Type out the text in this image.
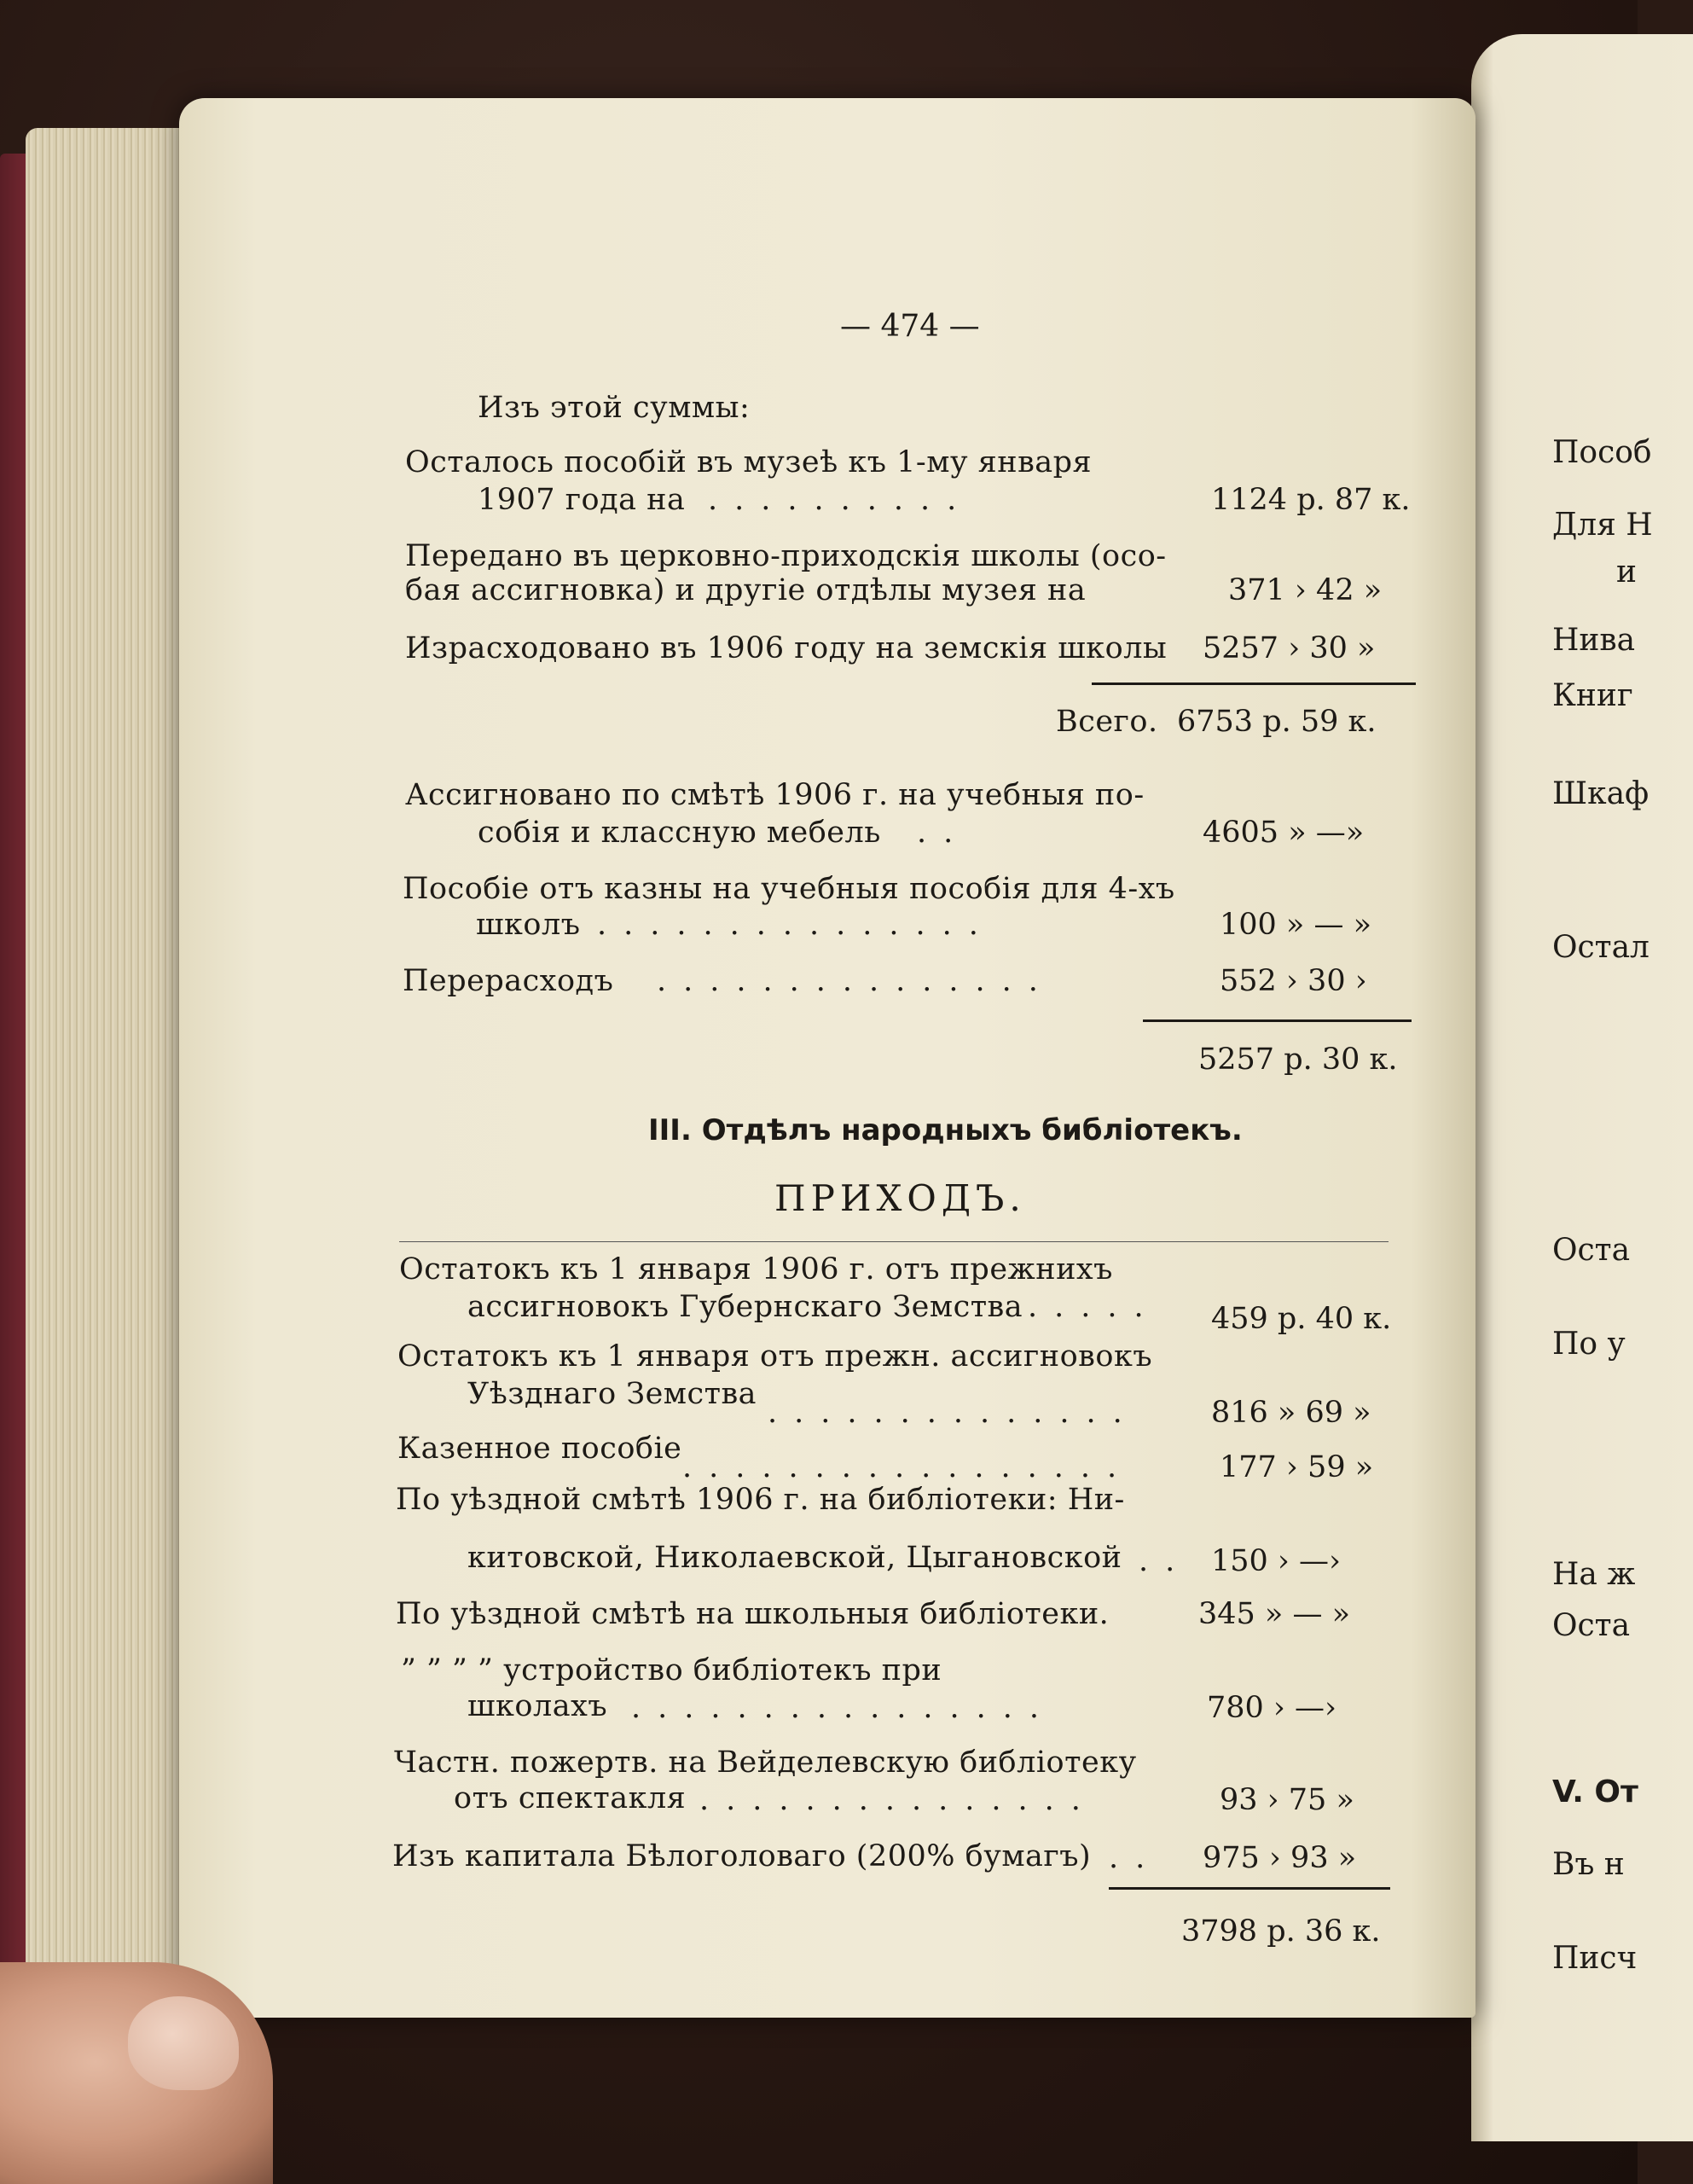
Пособ
Для Н
и
Нива
Книг
Шкаф
Остал
Оста
По у
На ж
Оста
V. От
Въ н
Писч
— 474 —
Изъ этой суммы:
Осталось пособій въ музеѣ къ 1-му января
1907 года на ..........	1124 р. 87 к.
Передано въ церковно-приходскія школы (осо-
бая ассигновка) и другіе отдѣлы музея на	371 › 42 »
Израсходовано въ 1906 году на земскія школы 5257 › 30 »
Всего. 6753 р. 59 к.
Ассигновано по смѣтѣ 1906 г. на учебныя по-
собія и классную мебель ..	4605 » —»
Пособіе отъ казны на учебныя пособія для 4-хъ
школъ ...............	100 » — »
Перерасходъ ...............	552 › 30 ›
5257 р. 30 к.
III. Отдѣлъ народныхъ библіотекъ.
ПРИХОДЪ.
Остатокъ къ 1 января 1906 г. отъ прежнихъ
ассигновокъ Губернскаго Земства ..... 459 р. 40 к.
Остатокъ къ 1 января отъ прежн. ассигновокъ
Уѣзднаго Земства
.............. 816 » 69 »
Казенное пособіе
.................	177 › 59 »
По уѣздной смѣтѣ 1906 г. на библіотеки: Ни-
китовской, Николаевской, Цыгановской .. 150 › —›
По уѣздной смѣтѣ на школьныя библіотеки.	345 » — »
” ” ” ” устройство библіотекъ при
школахъ ................	780 › —›
Частн. пожертв. на Вейделевскую библіотеку
отъ спектакля ...............	93 › 75 »
Изъ капитала Бѣлоголоваго (200% бумагъ) .. 975 › 93 »
3798 р. 36 к.
